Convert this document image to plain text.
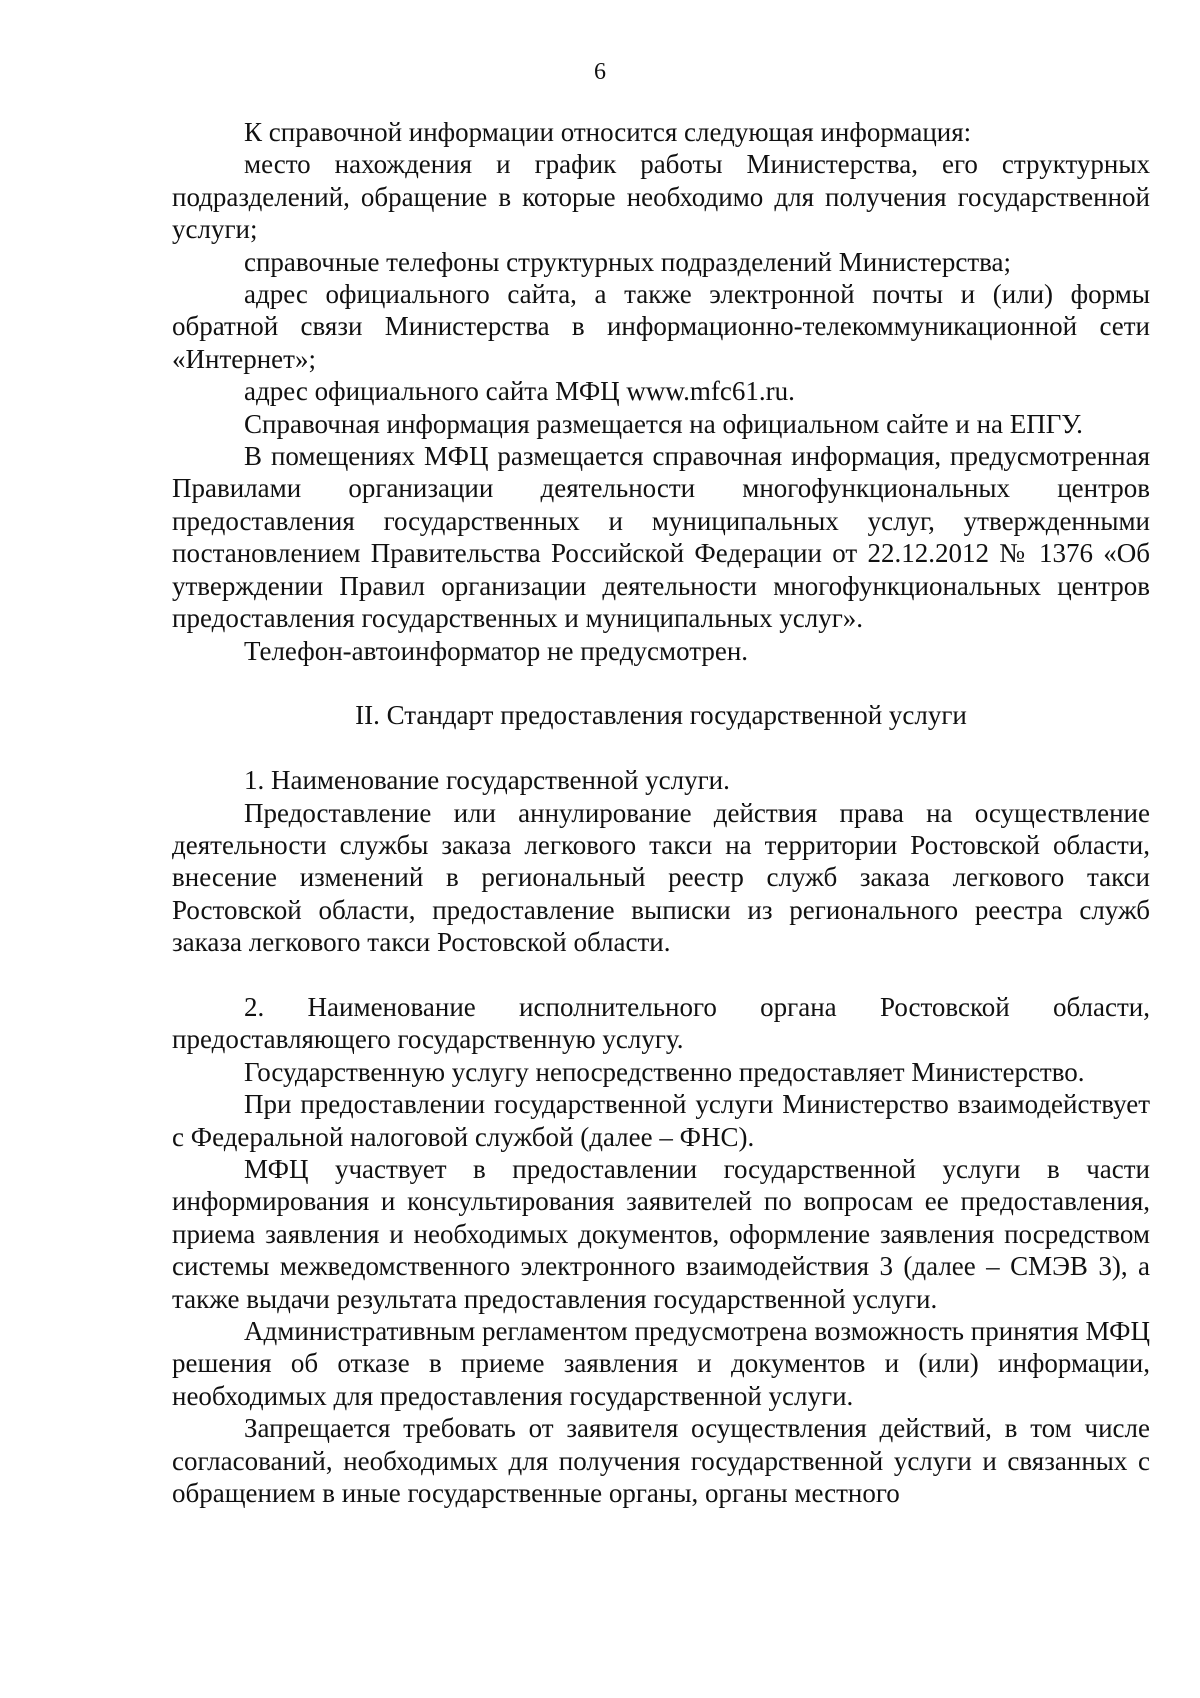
6

К справочной информации относится следующая информация:

место нахождения и график работы Министерства, его структурных подразделений, обращение в которые необходимо для получения государственной услуги;

справочные телефоны структурных подразделений Министерства;

адрес официального сайта, а также электронной почты и (или) формы обратной связи Министерства в информационно-телекоммуникационной сети «Интернет»;

адрес официального сайта МФЦ www.mfc61.ru.

Справочная информация размещается на официальном сайте и на ЕПГУ.

В помещениях МФЦ размещается справочная информация, предусмотренная Правилами организации деятельности многофункциональных центров предоставления государственных и муниципальных услуг, утвержденными постановлением Правительства Российской Федерации от 22.12.2012 № 1376 «Об утверждении Правил организации деятельности многофункциональных центров предоставления государственных и муниципальных услуг».

Телефон-автоинформатор не предусмотрен.

II. Стандарт предоставления государственной услуги

1. Наименование государственной услуги.

Предоставление или аннулирование действия права на осуществление деятельности службы заказа легкового такси на территории Ростовской области, внесение изменений в региональный реестр служб заказа легкового такси Ростовской области, предоставление выписки из регионального реестра служб заказа легкового такси Ростовской области.

2. Наименование исполнительного органа Ростовской области, предоставляющего государственную услугу.

Государственную услугу непосредственно предоставляет Министерство.

При предоставлении государственной услуги Министерство взаимодействует с Федеральной налоговой службой (далее – ФНС).

МФЦ участвует в предоставлении государственной услуги в части информирования и консультирования заявителей по вопросам ее предоставления, приема заявления и необходимых документов, оформление заявления посредством системы межведомственного электронного взаимодействия 3 (далее – СМЭВ 3), а также выдачи результата предоставления государственной услуги.

Административным регламентом предусмотрена возможность принятия МФЦ решения об отказе в приеме заявления и документов и (или) информации, необходимых для предоставления государственной услуги.

Запрещается требовать от заявителя осуществления действий, в том числе согласований, необходимых для получения государственной услуги и связанных с обращением в иные государственные органы, органы местного
